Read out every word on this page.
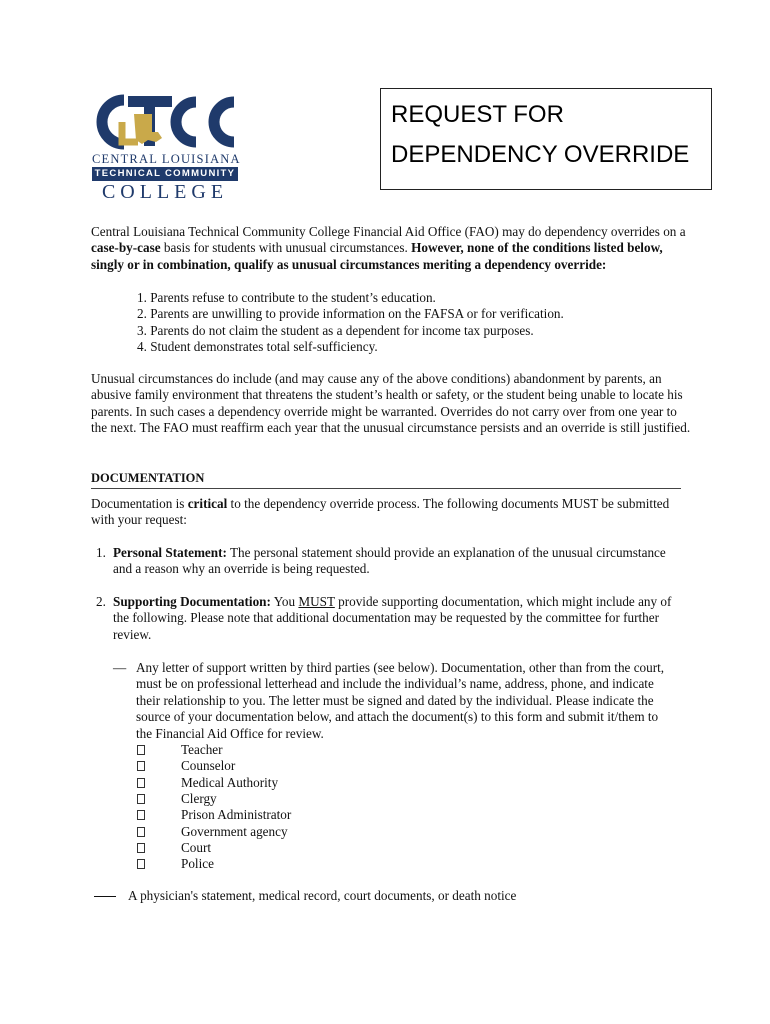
CENTRAL LOUISIANA
TECHNICAL COMMUNITY
COLLEGE
REQUEST FOR
DEPENDENCY OVERRIDE
Central Louisiana Technical Community College Financial Aid Office (FAO) may do dependency overrides on a case-by-case basis for students with unusual circumstances. However, none of the conditions listed below, singly or in combination, qualify as unusual circumstances meriting a dependency override:
1. Parents refuse to contribute to the student’s education.
2. Parents are unwilling to provide information on the FAFSA or for verification.
3. Parents do not claim the student as a dependent for income tax purposes.
4. Student demonstrates total self-sufficiency.
Unusual circumstances do include (and may cause any of the above conditions) abandonment by parents, an abusive family environment that threatens the student’s health or safety, or the student being unable to locate his parents. In such cases a dependency override might be warranted. Overrides do not carry over from one year to the next. The FAO must reaffirm each year that the unusual circumstance persists and an override is still justified.
DOCUMENTATION
Documentation is critical to the dependency override process. The following documents MUST be submitted with your request:
1. Personal Statement: The personal statement should provide an explanation of the unusual circumstance and a reason why an override is being requested.
2. Supporting Documentation: You MUST provide supporting documentation, which might include any of the following. Please note that additional documentation may be requested by the committee for further review.
— Any letter of support written by third parties (see below). Documentation, other than from the court, must be on professional letterhead and include the individual’s name, address, phone, and indicate their relationship to you. The letter must be signed and dated by the individual. Please indicate the source of your documentation below, and attach the document(s) to this form and submit it/them to the Financial Aid Office for review.
Teacher
Counselor
Medical Authority
Clergy
Prison Administrator
Government agency
Court
Police
A physician's statement, medical record, court documents, or death notice
